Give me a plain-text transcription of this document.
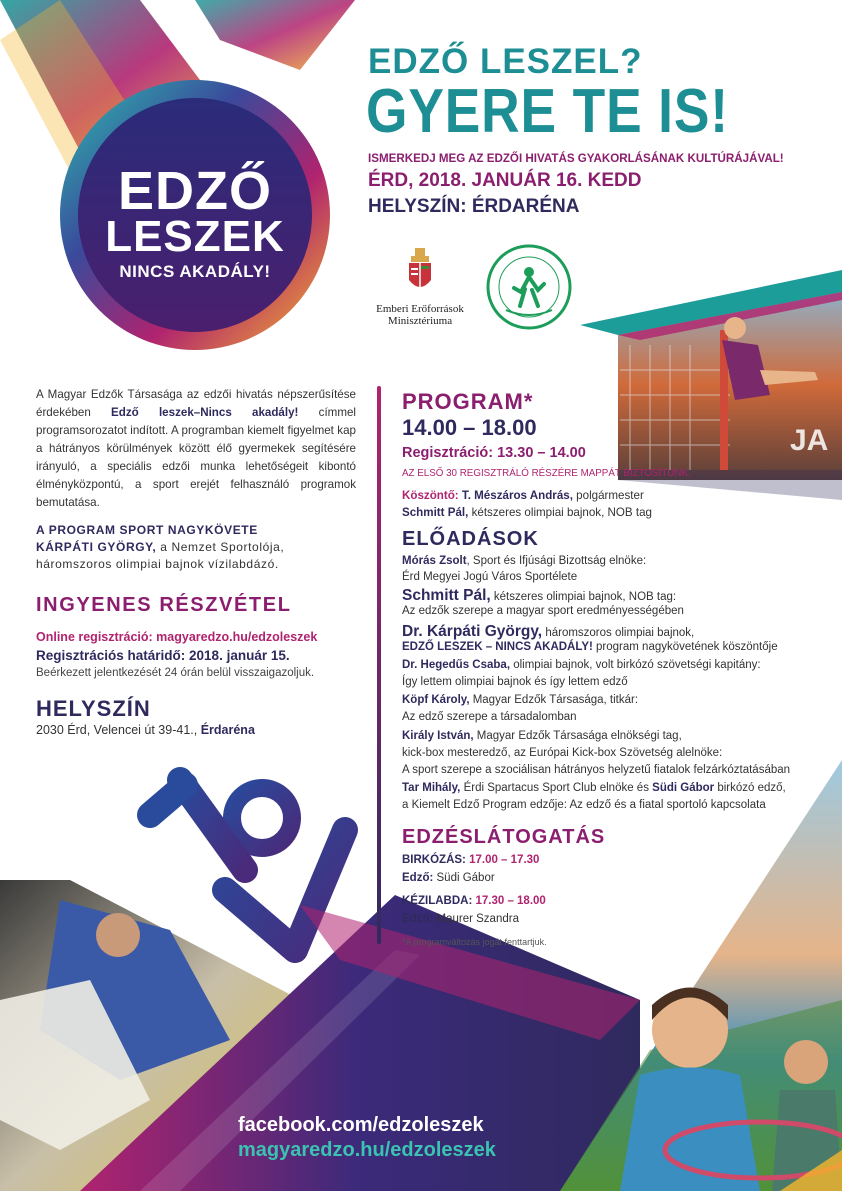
JA
EDZŐ
LESZEK
NINCS AKADÁLY!
EDZŐ LESZEL?
GYERE TE IS!
ISMERKEDJ MEG AZ EDZŐI HIVATÁS GYAKORLÁSÁNAK KULTÚRÁJÁVAL!
ÉRD, 2018. JANUÁR 16. KEDD
HELYSZÍN: ÉRDARÉNA
Emberi Erőforrások
Minisztériuma
A Magyar Edzők Társasága az edzői hivatás népszerűsítése érdekében Edző leszek–Nincs akadály! címmel programsorozatot indított. A programban kiemelt figyelmet kap a hátrányos körülmények között élő gyermekek segítésére irányuló, a speciális edzői munka lehetőségeit kibontó élményközpontú, a sport erejét felhasználó programok bemutatása.
A PROGRAM SPORT NAGYKÖVETE
KÁRPÁTI GYÖRGY, a Nemzet Sportolója,
háromszoros olimpiai bajnok vízilabdázó.
INGYENES RÉSZVÉTEL
Online regisztráció: magyaredzo.hu/edzoleszek
Regisztrációs határidő: 2018. január 15.
Beérkezett jelentkezését 24 órán belül visszaigazoljuk.
HELYSZÍN
2030 Érd, Velencei út 39-41., Érdaréna
PROGRAM*
14.00 – 18.00
Regisztráció: 13.30 – 14.00
AZ ELSŐ 30 REGISZTRÁLÓ RÉSZÉRE MAPPÁT BIZTOSÍTUNK.
Köszöntő: T. Mészáros András, polgármester
Schmitt Pál, kétszeres olimpiai bajnok, NOB tag
ELŐADÁSOK
Mórás Zsolt, Sport és Ifjúsági Bizottság elnöke:
Érd Megyei Jogú Város Sportélete
Schmitt Pál, kétszeres olimpiai bajnok, NOB tag:
Az edzők szerepe a magyar sport eredményességében
Dr. Kárpáti György, háromszoros olimpiai bajnok,
EDZŐ LESZEK – NINCS AKADÁLY! program nagykövetének köszöntője
Dr. Hegedűs Csaba, olimpiai bajnok, volt birkózó szövetségi kapitány:
Így lettem olimpiai bajnok és így lettem edző
Köpf Károly, Magyar Edzők Társasága, titkár:
Az edző szerepe a társadalomban
Király István, Magyar Edzők Társasága elnökségi tag,
kick-box mesteredző, az Európai Kick-box Szövetség alelnöke:
A sport szerepe a szociálisan hátrányos helyzetű fiatalok felzárkóztatásában
Tar Mihály, Érdi Spartacus Sport Club elnöke és Südi Gábor birkózó edző,
a Kiemelt Edző Program edzője: Az edző és a fiatal sportoló kapcsolata
EDZÉSLÁTOGATÁS
BIRKÓZÁS: 17.00 – 17.30
Edző: Südi Gábor
KÉZILABDA: 17.30 – 18.00
Edző: Maurer Szandra
*A programváltozás jogát fenttartjuk.
facebook.com/edzoleszek
magyaredzo.hu/edzoleszek
